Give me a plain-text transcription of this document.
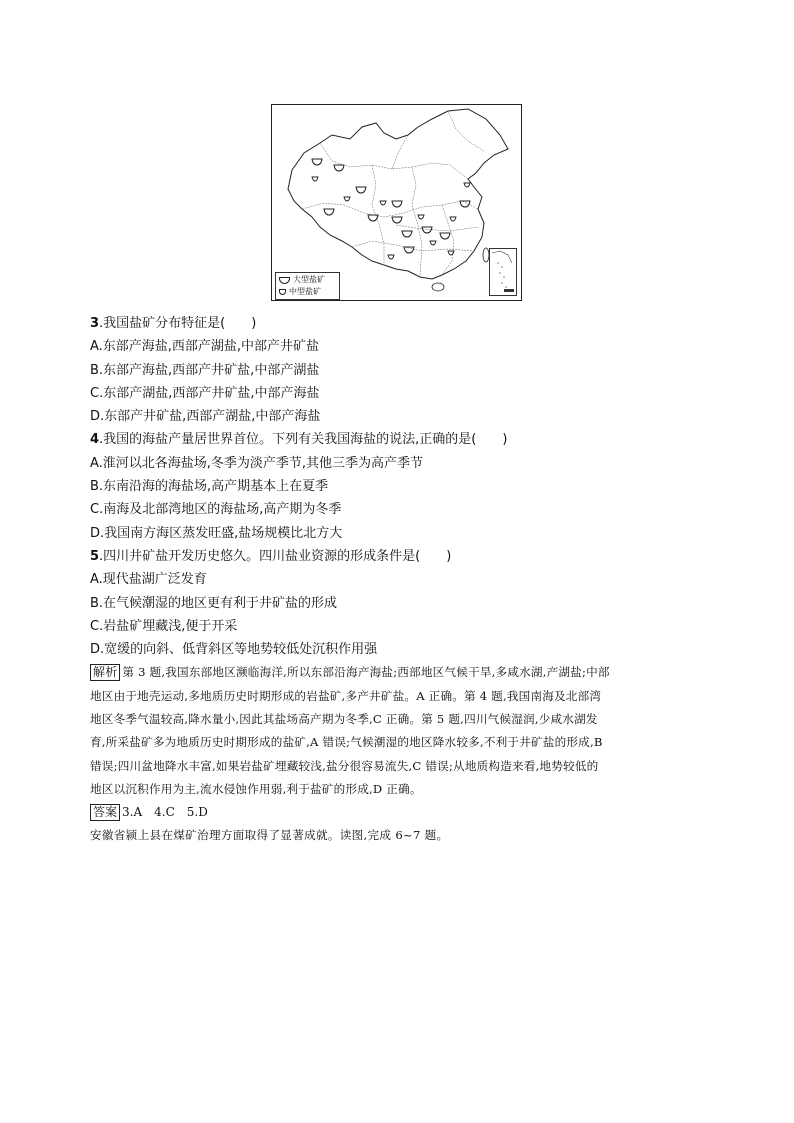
大型盐矿
中型盐矿
3.我国盐矿分布特征是(　　)
A.东部产海盐,西部产湖盐,中部产井矿盐
B.东部产海盐,西部产井矿盐,中部产湖盐
C.东部产湖盐,西部产井矿盐,中部产海盐
D.东部产井矿盐,西部产湖盐,中部产海盐
4.我国的海盐产量居世界首位。下列有关我国海盐的说法,正确的是(　　)
A.淮河以北各海盐场,冬季为淡产季节,其他三季为高产季节
B.东南沿海的海盐场,高产期基本上在夏季
C.南海及北部湾地区的海盐场,高产期为冬季
D.我国南方海区蒸发旺盛,盐场规模比北方大
5.四川井矿盐开发历史悠久。四川盐业资源的形成条件是(　　)
A.现代盐湖广泛发育
B.在气候潮湿的地区更有利于井矿盐的形成
C.岩盐矿埋藏浅,便于开采
D.宽缓的向斜、低背斜区等地势较低处沉积作用强
解析 第 3 题,我国东部地区濒临海洋,所以东部沿海产海盐;西部地区气候干旱,多咸水湖,产湖盐;中部
地区由于地壳运动,多地质历史时期形成的岩盐矿,多产井矿盐。A 正确。第 4 题,我国南海及北部湾
地区冬季气温较高,降水量小,因此其盐场高产期为冬季,C 正确。第 5 题,四川气候湿润,少咸水湖发
育,所采盐矿多为地质历史时期形成的盐矿,A 错误;气候潮湿的地区降水较多,不利于井矿盐的形成,B
错误;四川盆地降水丰富,如果岩盐矿埋藏较浅,盐分很容易流失,C 错误;从地质构造来看,地势较低的
地区以沉积作用为主,流水侵蚀作用弱,利于盐矿的形成,D 正确。
答案 3.A　4.C　5.D
安徽省颍上县在煤矿治理方面取得了显著成就。读图,完成 6~7 题。
